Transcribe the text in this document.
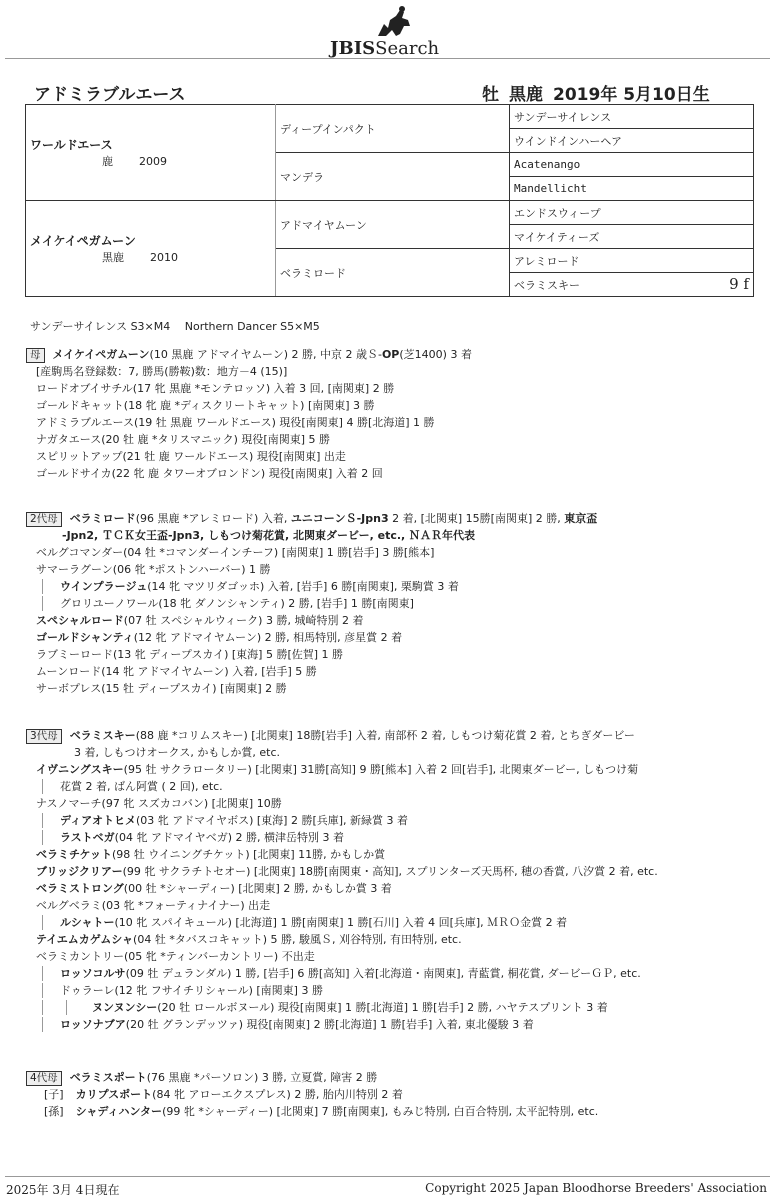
JBISSearch
アドミラブルエース	牡 黒鹿 2019年 5月10日生
ワールドエース
鹿 2009	ディープインパクト	サンデーサイレンス
		ウインドインハーヘア
	マンデラ	Acatenango
		Mandellicht

メイケイペガムーン
黒鹿 2010	アドマイヤムーン	エンドスウィープ
		マイケイティーズ
	ベラミロード	アレミロード
		ベラミスキー 9 f
サンデーサイレンス S3×M4　 Northern Dancer S5×M5
母 メイケイペガムーン(10 黒鹿 アドマイヤムーン) 2 勝, 中京 2 歳Ｓ-OP(芝1400) 3 着
[産駒馬名登録数：7, 勝馬(勝鞍)数：地方－4 (15)]
ロードオブイサチル(17 牝 黒鹿 *モンテロッソ) 入着 3 回, [南関東] 2 勝
ゴールドキャット(18 牝 鹿 *ディスクリートキャット) [南関東] 3 勝
アドミラブルエース(19 牡 黒鹿 ワールドエース) 現役[南関東] 4 勝[北海道] 1 勝
ナガタエース(20 牡 鹿 *タリスマニック) 現役[南関東] 5 勝
スピリットアップ(21 牡 鹿 ワールドエース) 現役[南関東] 出走
ゴールドサイカ(22 牝 鹿 タワーオブロンドン) 現役[南関東] 入着 2 回
2代母 ベラミロード(96 黒鹿 *アレミロード) 入着, ユニコーンＳ-Jpn3 2 着, [北関東] 15勝[南関東] 2 勝, 東京盃
-Jpn2, ＴＣＫ女王盃-Jpn3, しもつけ菊花賞, 北関東ダービー, etc., ＮＡＲ年代表
ベルグコマンダー(04 牡 *コマンダーインチーフ) [南関東] 1 勝[岩手] 3 勝[熊本]
サマーラグーン(06 牝 *ポストンハーバー) 1 勝
ウインプラージュ(14 牝 マツリダゴッホ) 入着, [岩手] 6 勝[南関東], 栗駒賞 3 着
グロリユーノワール(18 牝 ダノンシャンティ) 2 勝, [岩手] 1 勝[南関東]
スペシャルロード(07 牡 スペシャルウィーク) 3 勝, 城崎特別 2 着
ゴールドシャンティ(12 牝 アドマイヤムーン) 2 勝, 相馬特別, 彦星賞 2 着
ラブミーロード(13 牝 ディープスカイ) [東海] 5 勝[佐賀] 1 勝
ムーンロード(14 牝 アドマイヤムーン) 入着, [岩手] 5 勝
サーボプレス(15 牡 ディープスカイ) [南関東] 2 勝
3代母 ベラミスキー(88 鹿 *コリムスキー) [北関東] 18勝[岩手] 入着, 南部杯 2 着, しもつけ菊花賞 2 着, とちぎダービー
3 着, しもつけオークス, かもしか賞, etc.
イヴニングスキー(95 牡 サクラロータリー) [北関東] 31勝[高知] 9 勝[熊本] 入着 2 回[岩手], 北関東ダービー, しもつけ菊
花賞 2 着, ばん阿賞 ( 2 回), etc.
ナスノマーチ(97 牝 スズカコバン) [北関東] 10勝
ディアオトヒメ(03 牝 アドマイヤボス) [東海] 2 勝[兵庫], 新緑賞 3 着
ラストベガ(04 牝 アドマイヤベガ) 2 勝, 横津岳特別 3 着
ベラミチケット(98 牡 ウイニングチケット) [北関東] 11勝, かもしか賞
ブリッジクリアー(99 牝 サクラチトセオー) [北関東] 18勝[南関東・高知], スプリンターズ天馬杯, 穂の香賞, 八汐賞 2 着, etc.
ベラミストロング(00 牡 *シャーディー) [北関東] 2 勝, かもしか賞 3 着
ベルグベラミ(03 牝 *フォーティナイナー) 出走
ルシャトー(10 牝 スパイキュール) [北海道] 1 勝[南関東] 1 勝[石川] 入着 4 回[兵庫], ＭＲＯ金賞 2 着
テイエムカゲムシャ(04 牡 *タバスコキャット) 5 勝, 駿風Ｓ, 刈谷特別, 有田特別, etc.
ベラミカントリー(05 牝 *ティンバーカントリー) 不出走
ロッソコルサ(09 牡 デュランダル) 1 勝, [岩手] 6 勝[高知] 入着[北海道・南関東], 青藍賞, 桐花賞, ダービーＧＰ, etc.
ドゥラーレ(12 牝 フサイチリシャール) [南関東] 3 勝
ヌンヌンシー(20 牡 ロールボヌール) 現役[南関東] 1 勝[北海道] 1 勝[岩手] 2 勝, ハヤテスプリント 3 着
ロッソナブア(20 牡 グランデッツァ) 現役[南関東] 2 勝[北海道] 1 勝[岩手] 入着, 東北優駿 3 着
4代母 ベラミスポート(76 黒鹿 *パーソロン) 3 勝, 立夏賞, 障害 2 勝
[子] カリプスポート(84 牝 アローエクスプレス) 2 勝, 胎内川特別 2 着
[孫] シャディハンター(99 牝 *シャーディー) [北関東] 7 勝[南関東], もみじ特別, 白百合特別, 太平記特別, etc.
2025年 3月 4日現在	Copyright 2025 Japan Bloodhorse Breeders' Association
